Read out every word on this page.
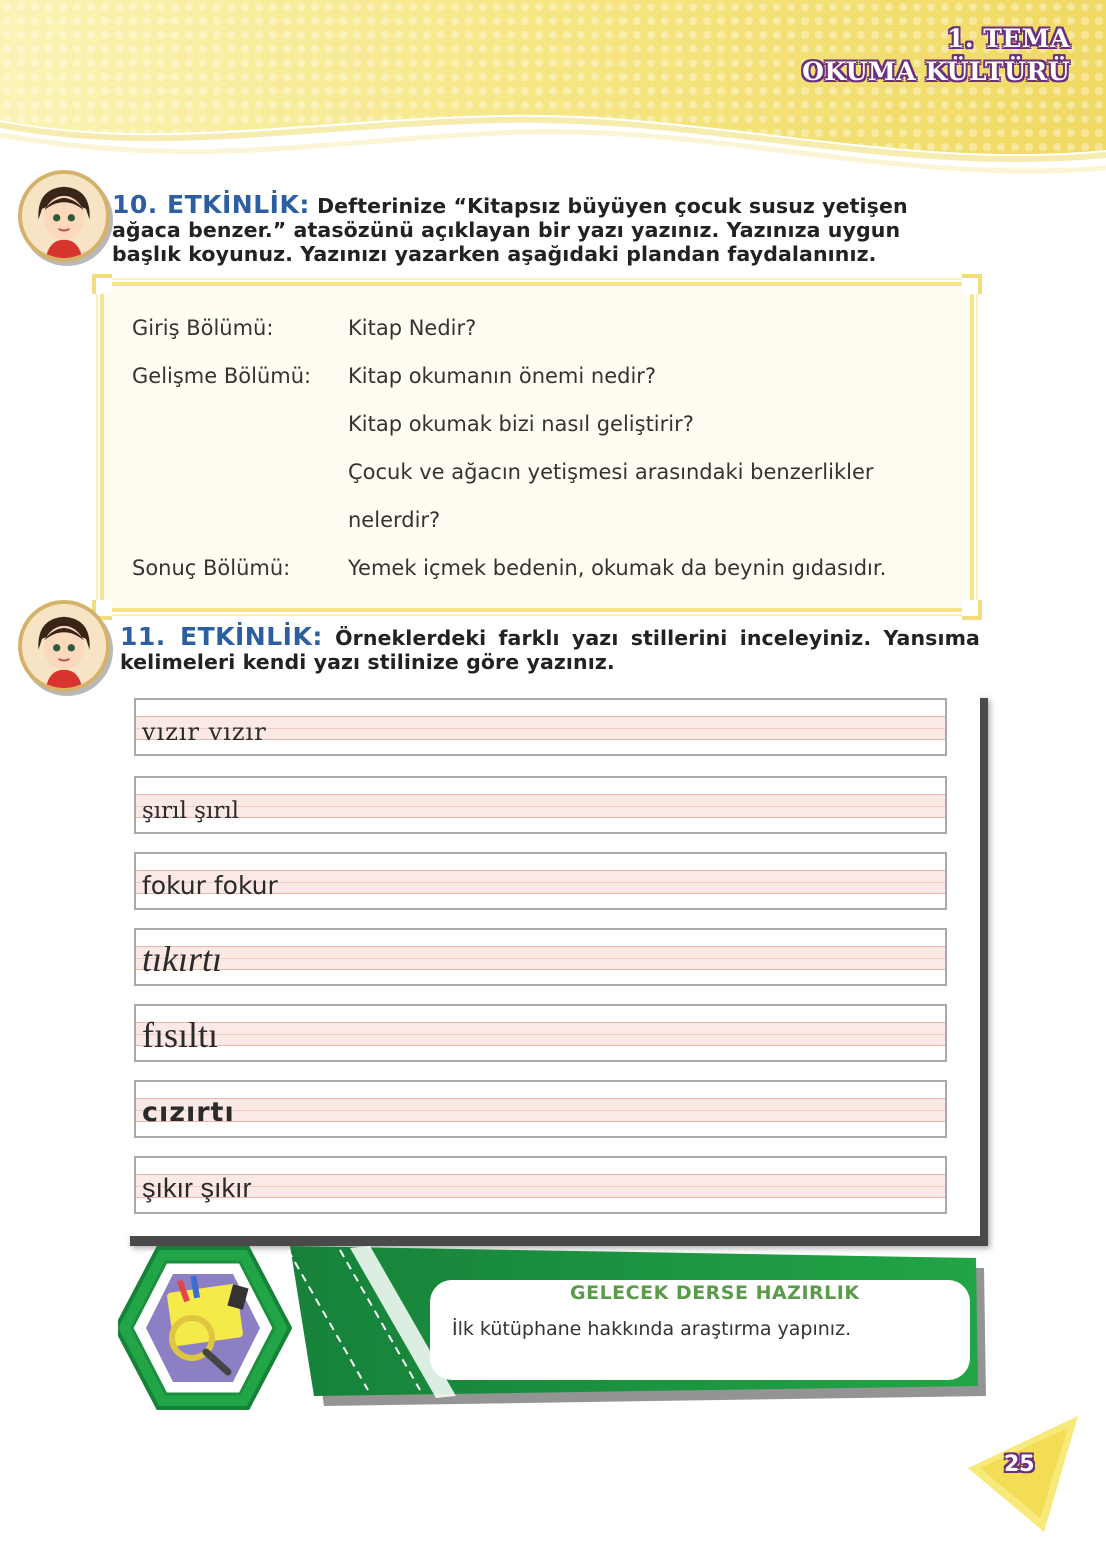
1. TEMA
OKUMA KÜLTÜRÜ
10. ETKİNLİK: Defterinize “Kitapsız büyüyen çocuk susuz yetişen ağaca benzer.” atasözünü açıklayan bir yazı yazınız. Yazınıza uygun başlık koyunuz. Yazınızı yazarken aşağıdaki plandan faydalanınız.
Giriş Bölümü:	Kitap Nedir?
Gelişme Bölümü: Kitap okumanın önemi nedir?
Kitap okumak bizi nasıl geliştirir?
Çocuk ve ağacın yetişmesi arasındaki benzerlikler
nelerdir?
Sonuç Bölümü:	Yemek içmek bedenin, okumak da beynin gıdasıdır.
11. ETKİNLİK: Örneklerdeki farklı yazı stillerini inceleyiniz. Yansıma kelimeleri kendi yazı stilinize göre yazınız.
vızır vızır
şırıl şırıl
fokur fokur
tıkırtı
fısıltı
cızırtı
şıkır şıkır
GELECEK DERSE HAZIRLIK
İlk kütüphane hakkında araştırma yapınız.
25
